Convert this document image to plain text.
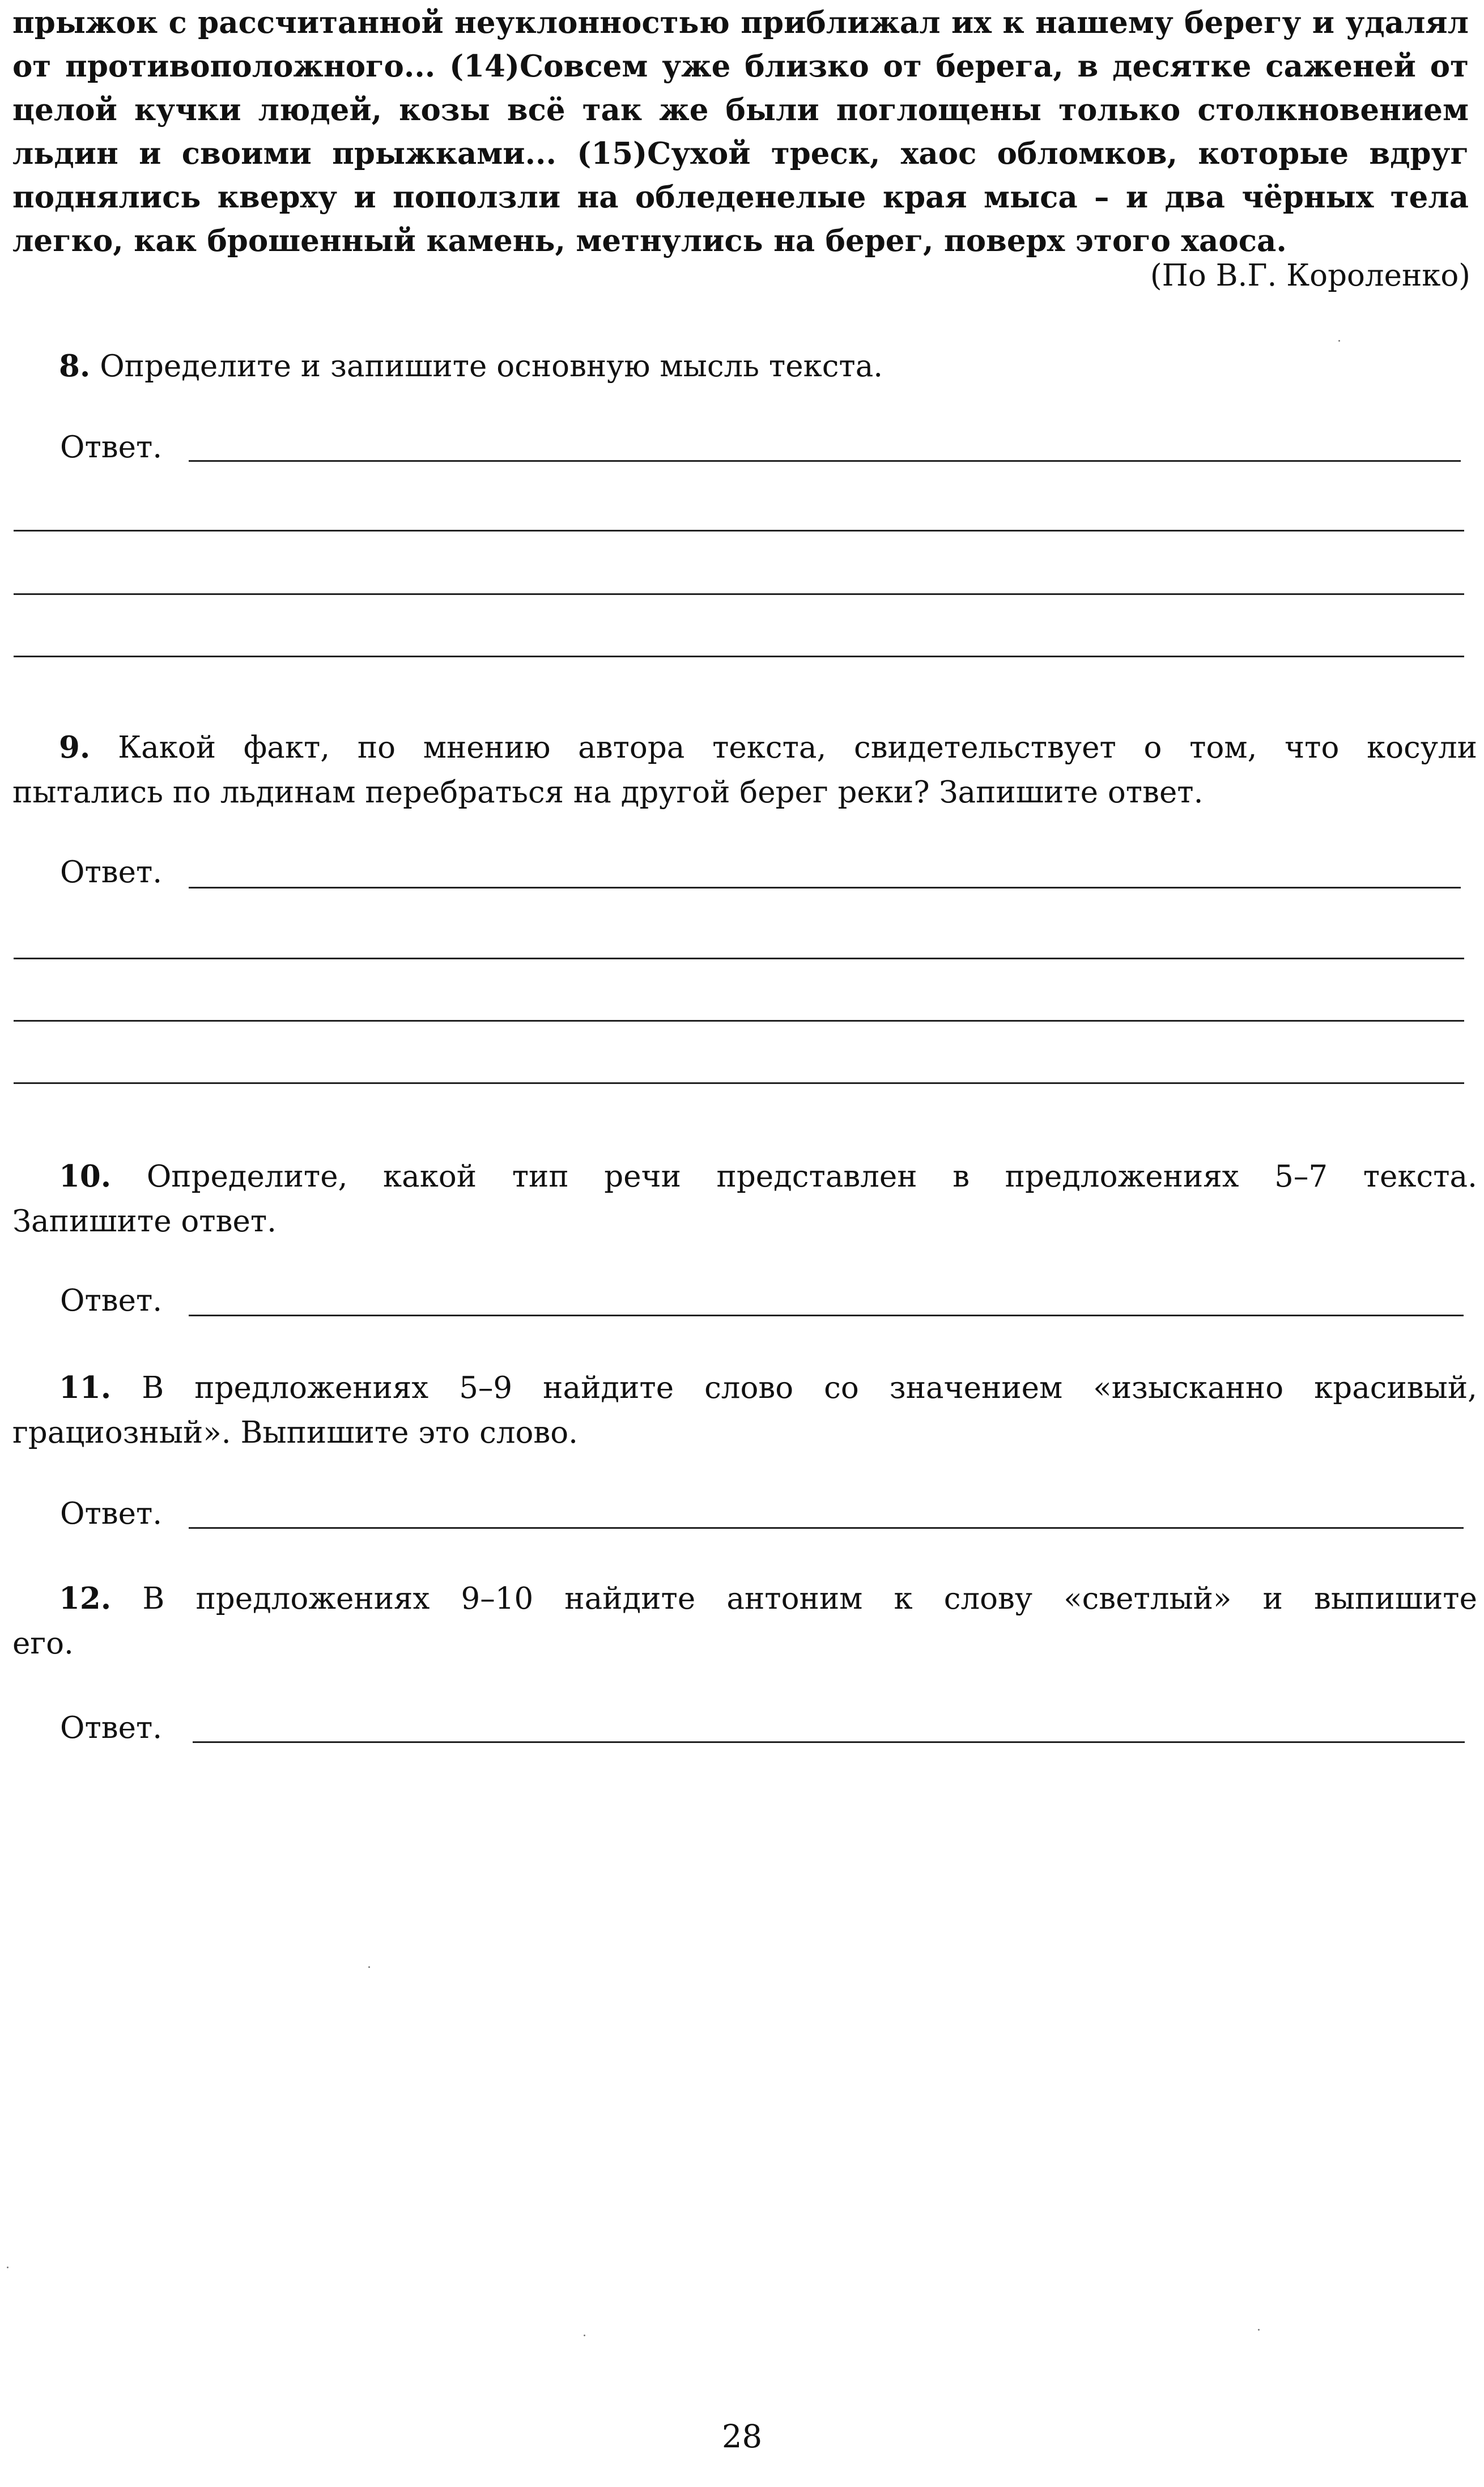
прыжок с рассчитанной неуклонностью приближал их к нашему берегу и удалял
от противоположного... (14)Совсем уже близко от берега, в десятке саженей от
целой кучки людей, козы всё так же были поглощены только столкновением
льдин и своими прыжками... (15)Сухой треск, хаос обломков, которые вдруг
поднялись кверху и поползли на обледенелые края мыса – и два чёрных тела
легко, как брошенный камень, метнулись на берег, поверх этого хаоса.
(По В.Г. Короленко)
8. Определите и запишите основную мысль текста.
Ответ.
9. Какой факт, по мнению автора текста, свидетельствует о том, что косули
пытались по льдинам перебраться на другой берег реки? Запишите ответ.
Ответ.
10. Определите, какой тип речи представлен в предложениях 5–7 текста.
Запишите ответ.
Ответ.
11. В предложениях 5–9 найдите слово со значением «изысканно красивый,
грациозный». Выпишите это слово.
Ответ.
12. В предложениях 9–10 найдите антоним к слову «светлый» и выпишите
его.
Ответ.
28
